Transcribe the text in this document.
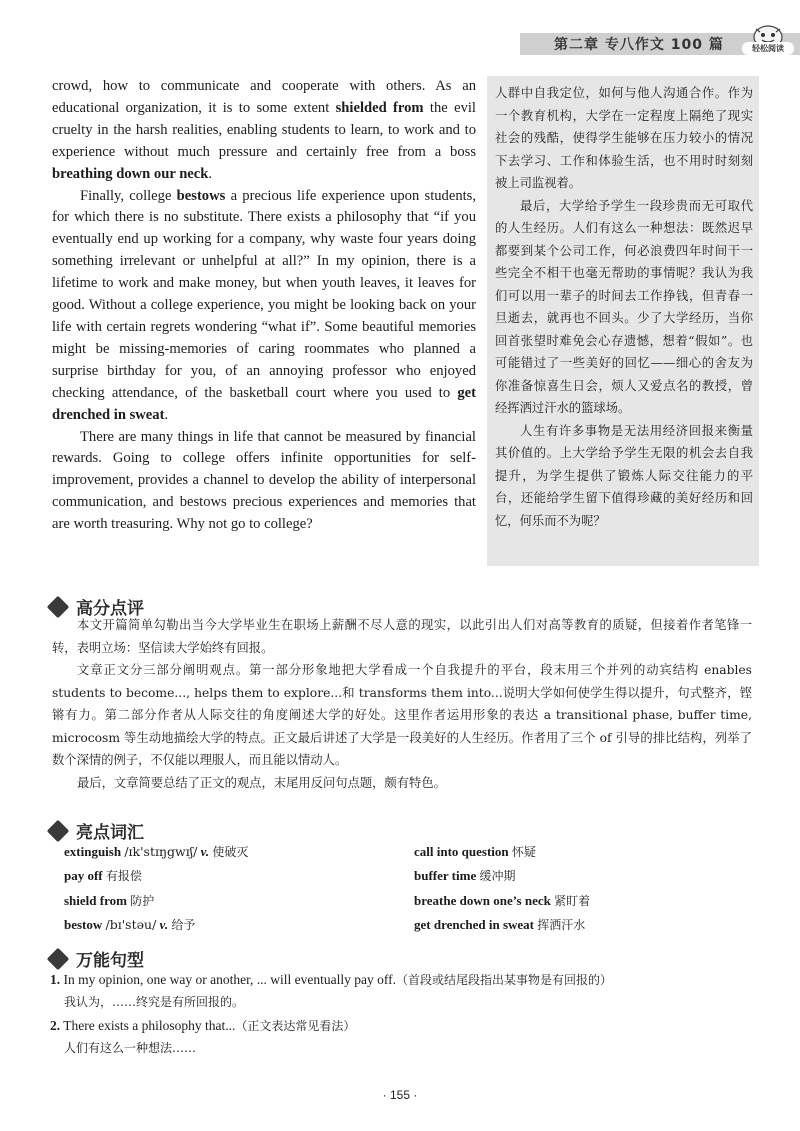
第二章 专八作文 100 篇	轻松阅读

crowd, how to communicate and cooperate with others. As an educational organization, it is to some extent shielded from the evil cruelty in the harsh realities, enabling students to learn, to work and to experience without much pressure and certainly free from a boss breathing down our neck.

Finally, college bestows a precious life experience upon students, for which there is no substitute. There exists a philosophy that “if you eventually end up working for a company, why waste four years doing something irrelevant or unhelpful at all?” In my opinion, there is a lifetime to work and make money, but when youth leaves, it leaves for good. Without a college experience, you might be looking back on your life with certain regrets wondering “what if”. Some beautiful memories might be missing-memories of caring roommates who planned a surprise birthday for you, of an annoying professor who enjoyed checking attendance, of the basketball court where you used to get drenched in sweat.

There are many things in life that cannot be measured by financial rewards. Going to college offers infinite opportunities for self-improvement, provides a channel to develop the ability of interpersonal communication, and bestows precious experiences and memories that are worth treasuring. Why not go to college?

人群中自我定位，如何与他人沟通合作。作为一个教育机构，大学在一定程度上隔绝了现实社会的残酷，使得学生能够在压力较小的情况下去学习、工作和体验生活，也不用时时刻刻被上司监视着。

最后，大学给予学生一段珍贵而无可取代的人生经历。人们有这么一种想法：既然迟早都要到某个公司工作，何必浪费四年时间干一些完全不相干也毫无帮助的事情呢？我认为我们可以用一辈子的时间去工作挣钱，但青春一旦逝去，就再也不回头。少了大学经历，当你回首张望时难免会心存遗憾，想着“假如”。也可能错过了一些美好的回忆——细心的舍友为你准备惊喜生日会，烦人又爱点名的教授，曾经挥洒过汗水的篮球场。

人生有许多事物是无法用经济回报来衡量其价值的。上大学给予学生无限的机会去自我提升，为学生提供了锻炼人际交往能力的平台，还能给学生留下值得珍藏的美好经历和回忆，何乐而不为呢？

高分点评

本文开篇简单勾勒出当今大学毕业生在职场上薪酬不尽人意的现实，以此引出人们对高等教育的质疑，但接着作者笔锋一转，表明立场：坚信读大学始终有回报。

文章正文分三部分阐明观点。第一部分形象地把大学看成一个自我提升的平台，段末用三个并列的动宾结构 enables students to become..., helps them to explore...和 transforms them into...说明大学如何使学生得以提升，句式整齐，铿锵有力。第二部分作者从人际交往的角度阐述大学的好处。这里作者运用形象的表达 a transitional phase, buffer time, microcosm 等生动地描绘大学的特点。正文最后讲述了大学是一段美好的人生经历。作者用了三个 of 引导的排比结构，列举了数个深情的例子，不仅能以理服人，而且能以情动人。

最后，文章简要总结了正文的观点，末尾用反问句点题，颇有特色。

亮点词汇
extinguish /ɪk'stɪŋgwɪʃ/ v. 使破灭	call into question 怀疑
pay off 有报偿	buffer time 缓冲期
shield from 防护	breathe down one’s neck 紧盯着
bestow /bɪ'stəu/ v. 给予	get drenched in sweat 挥洒汗水
万能句型
1. In my opinion, one way or another, ... will eventually pay off.（首段或结尾段指出某事物是有回报的）
我认为，……终究是有所回报的。
2. There exists a philosophy that...（正文表达常见看法）
人们有这么一种想法……
· 155 ·
